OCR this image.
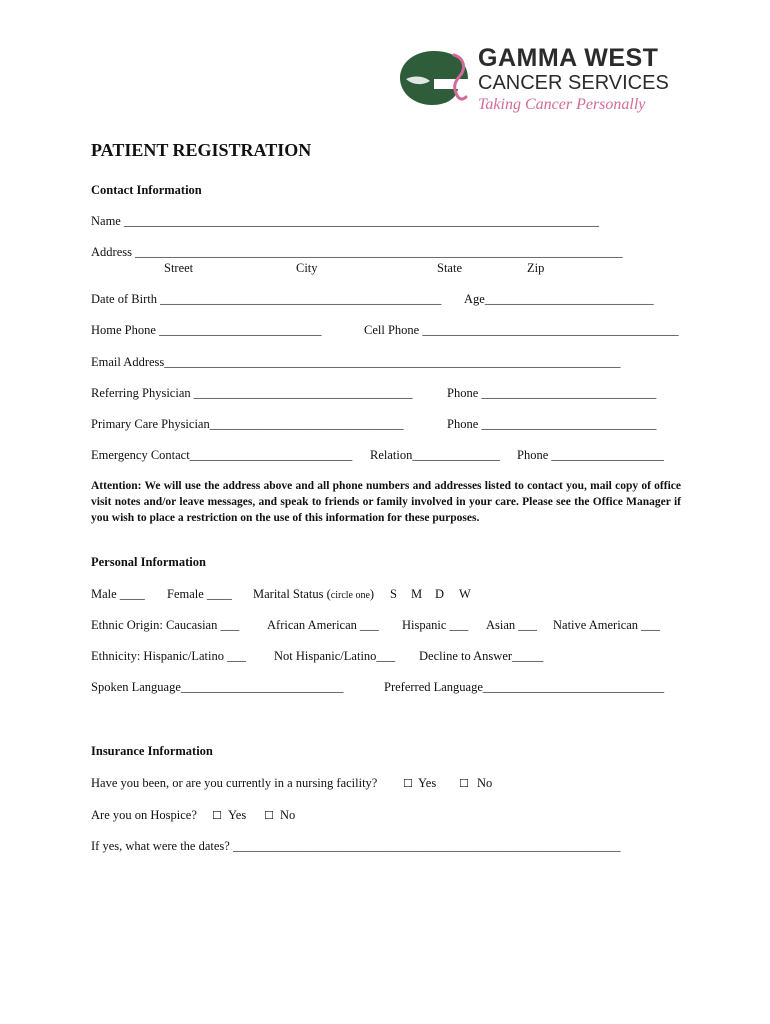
GAMMA WEST
CANCER SERVICES
Taking Cancer Personally
PATIENT REGISTRATION
Contact Information
Name ____________________________________________________________________________
Address ______________________________________________________________________________
Street	City	State	Zip
Date of Birth _____________________________________________ Age___________________________
Home Phone __________________________	Cell Phone _________________________________________
Email Address_________________________________________________________________________
Referring Physician ___________________________________	Phone ____________________________
Primary Care Physician_______________________________	Phone ____________________________
Emergency Contact__________________________ Relation______________ Phone __________________
Attention: We will use the address above and all phone numbers and addresses listed to contact you, mail copy of office visit notes and/or leave messages, and speak to friends or family involved in your care. Please see the Office Manager if you wish to place a restriction on the use of this information for these purposes.
Personal Information
Male ____ Female ____ Marital Status (circle one) S M D W
Ethnic Origin: Caucasian ___ African American ___ Hispanic ___ Asian ___ Native American ___
Ethnicity: Hispanic/Latino ___ Not Hispanic/Latino___ Decline to Answer_____
Spoken Language__________________________	Preferred Language_____________________________
Insurance Information
Have you been, or are you currently in a nursing facility? ☐ Yes ☐ No
Are you on Hospice? ☐ Yes ☐ No
If yes, what were the dates? ______________________________________________________________
